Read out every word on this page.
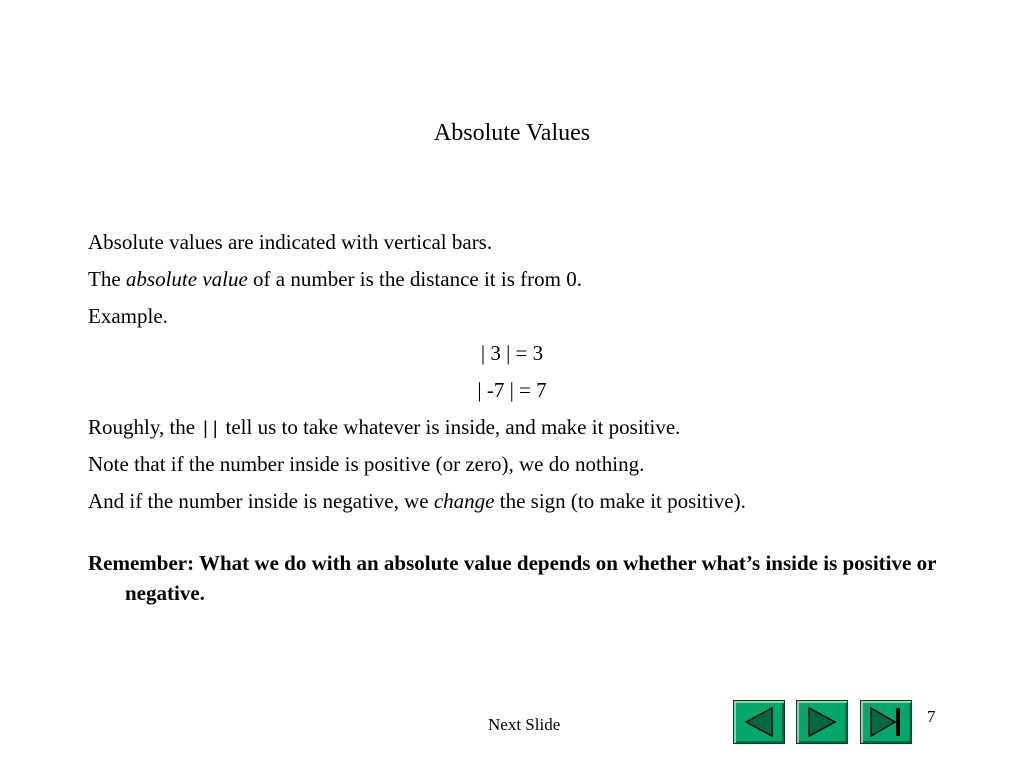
Absolute Values
Absolute values are indicated with vertical bars.
The absolute value of a number is the distance it is from 0.
Example.
| 3 | = 3
| -7 | = 7
Roughly, the | | tell us to take whatever is inside, and make it positive.
Note that if the number inside is positive (or zero), we do nothing.
And if the number inside is negative, we change the sign (to make it positive).
Remember: What we do with an absolute value depends on whether what’s inside is positive or negative.
Next Slide	7
